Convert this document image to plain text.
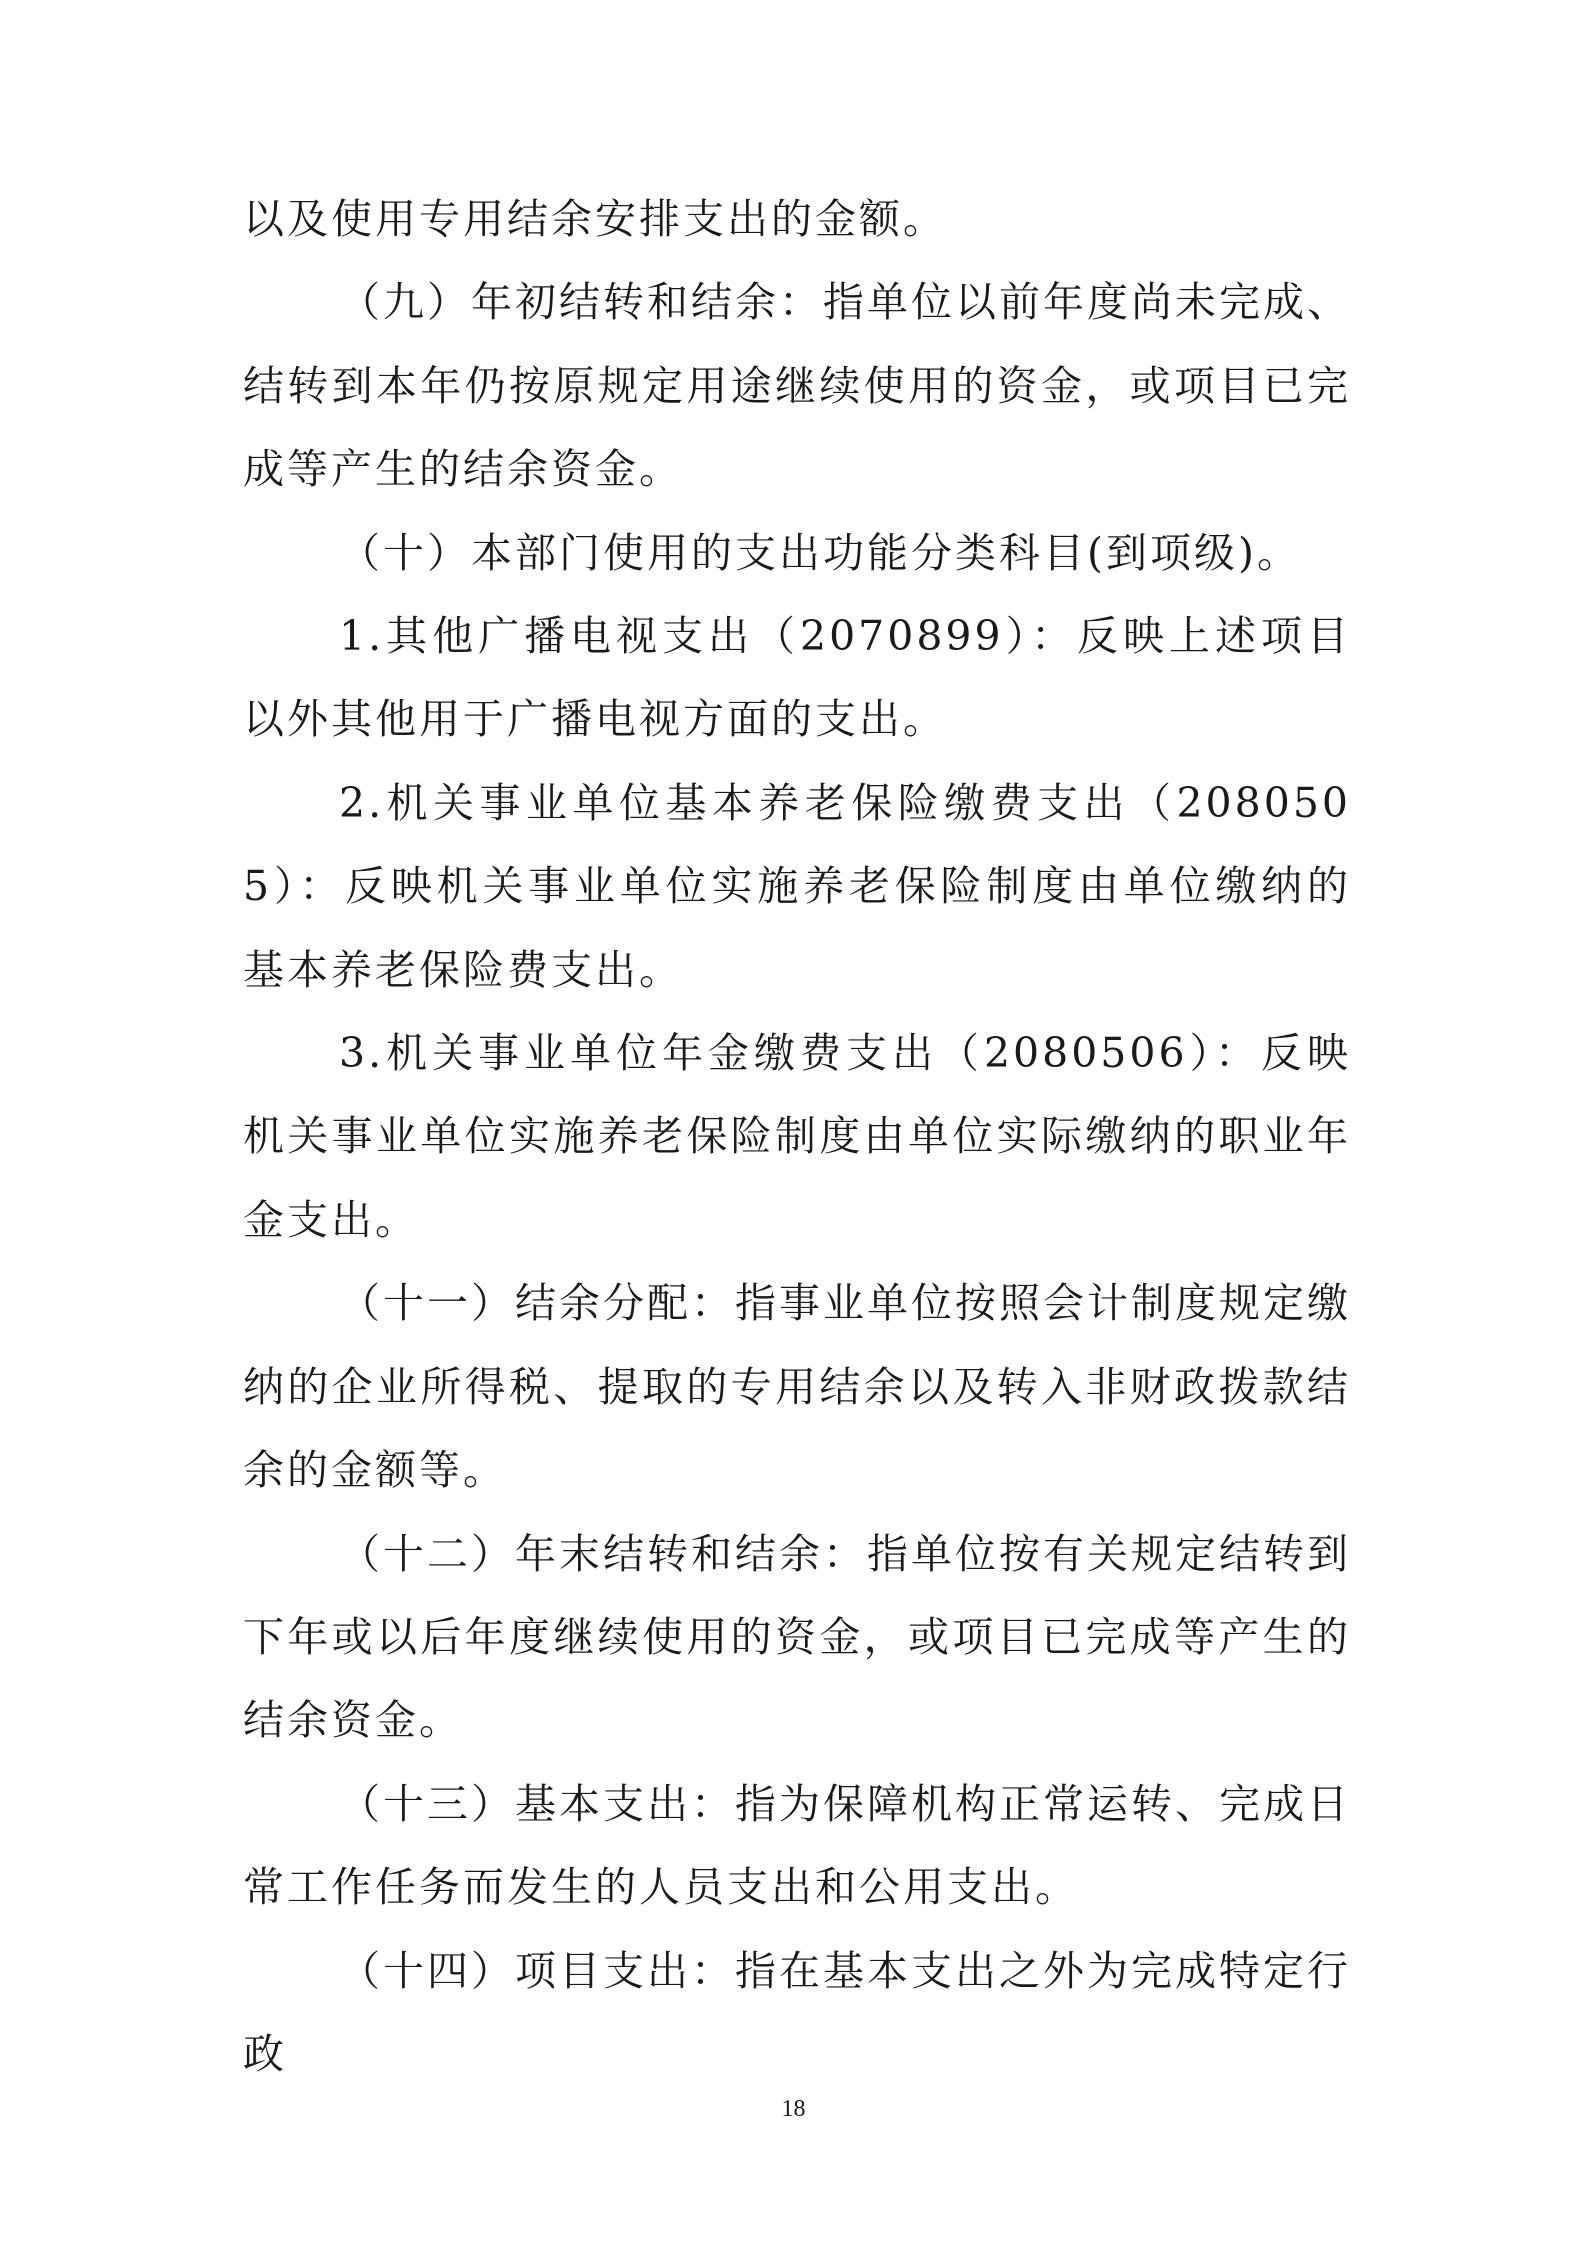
以及使用专用结余安排支出的金额。

（九）年初结转和结余：指单位以前年度尚未完成、结转到本年仍按原规定用途继续使用的资金，或项目已完成等产生的结余资金。

（十）本部门使用的支出功能分类科目(到项级)。

1.其他广播电视支出（2070899）：反映上述项目以外其他用于广播电视方面的支出。

2.机关事业单位基本养老保险缴费支出（2080505）：反映机关事业单位实施养老保险制度由单位缴纳的基本养老保险费支出。

3.机关事业单位年金缴费支出（2080506）：反映机关事业单位实施养老保险制度由单位实际缴纳的职业年金支出。

（十一）结余分配：指事业单位按照会计制度规定缴纳的企业所得税、提取的专用结余以及转入非财政拨款结余的金额等。

（十二）年末结转和结余：指单位按有关规定结转到下年或以后年度继续使用的资金，或项目已完成等产生的结余资金。

（十三）基本支出：指为保障机构正常运转、完成日常工作任务而发生的人员支出和公用支出。

（十四）项目支出：指在基本支出之外为完成特定行政

18
